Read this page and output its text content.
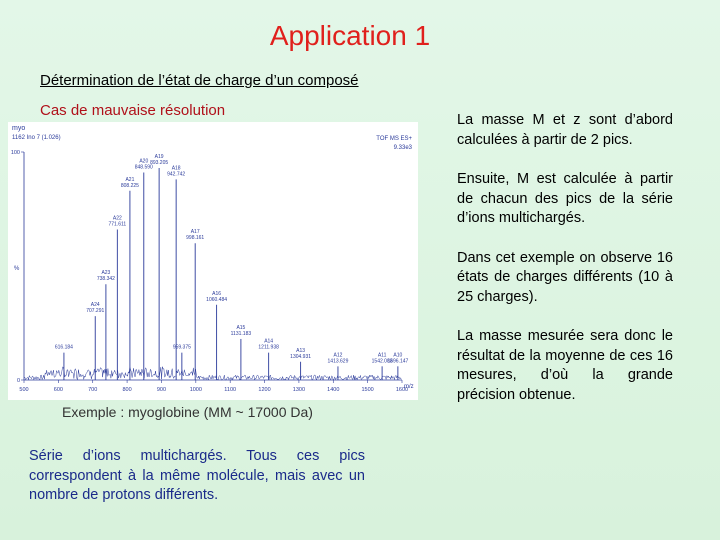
Application 1
Détermination de l’état de charge d’un composé
Cas de mauvaise résolution
myo
1162 Ino 7 (1.026)	TOF MS ES+
9.33e3
%
m/z
500	600	700	800	900	1000	1100	1200	1300	1400	1500	1600
0
100
616.184
A24 707.291
A23 738.342
A22 771.611
A21 808.225
A20 848.590
A19 893.205
A18 942.742
A17 998.161
A16 1060.484
959.375
A15 1131.183
A14 1211.938
A13 1304.931	A12 1413.629
A11 1542.083
A10 1696.147
Exemple : myoglobine (MM ~ 17000 Da)
Série d’ions multichargés. Tous ces pics correspondent à la même molécule, mais avec un nombre de protons différents.

La masse M et z sont d’abord calculées à partir de 2 pics.

Ensuite, M est calculée à partir de chacun des pics de la série d’ions multichargés.

Dans cet exemple on observe 16 états de charges différents (10 à 25 charges).

La masse mesurée sera donc le résultat de la moyenne de ces 16 mesures, d’où la grande précision obtenue.
